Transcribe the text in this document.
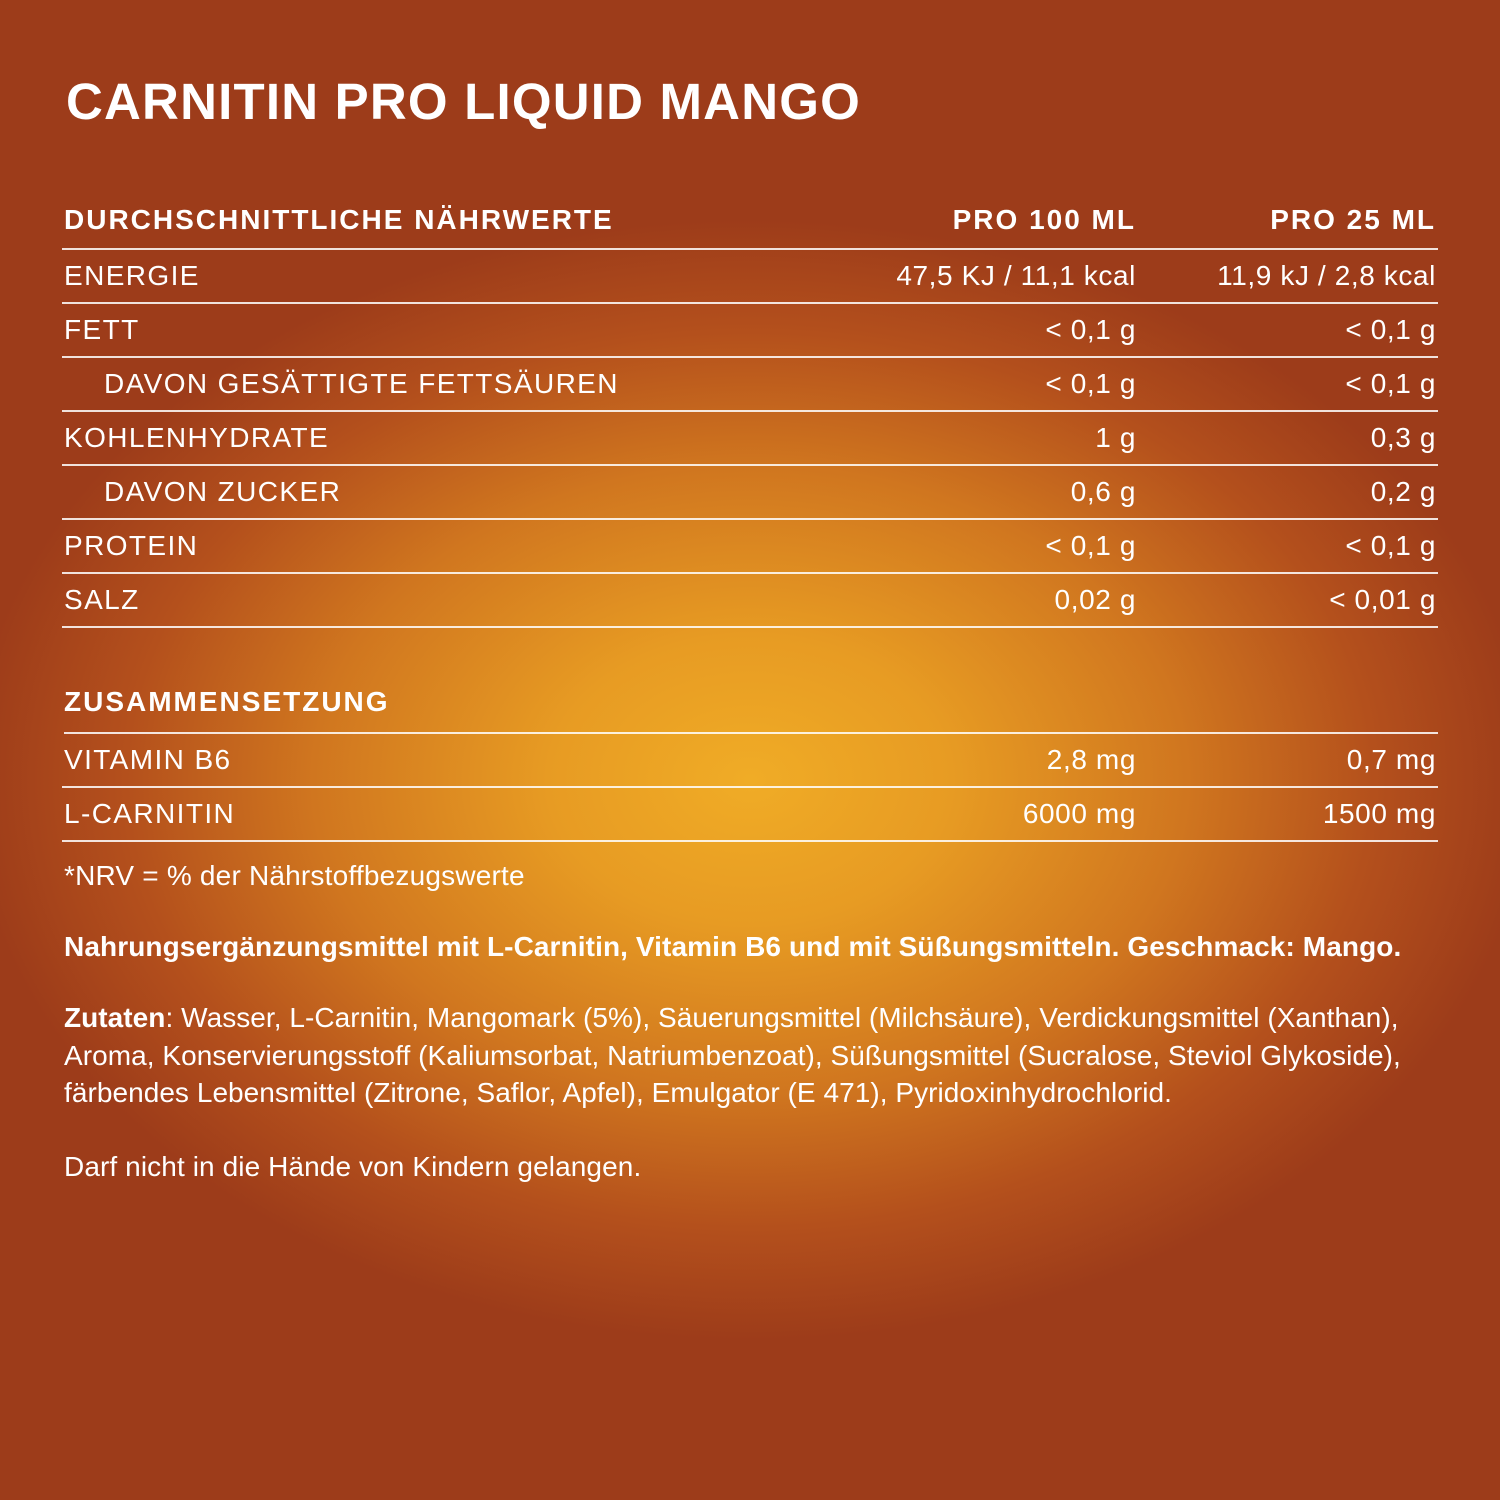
CARNITIN PRO LIQUID MANGO
DURCHSCHNITTLICHE NÄHRWERTE	PRO 100 ML	PRO 25 ML
ENERGIE	47,5 KJ / 11,1 kcal	11,9 kJ / 2,8 kcal
FETT	< 0,1 g	< 0,1 g
DAVON GESÄTTIGTE FETTSÄUREN	< 0,1 g	< 0,1 g
KOHLENHYDRATE	1 g	0,3 g
DAVON ZUCKER	0,6 g	0,2 g
PROTEIN	< 0,1 g	< 0,1 g
SALZ	0,02 g	< 0,01 g
ZUSAMMENSETZUNG
VITAMIN B6	2,8 mg	0,7 mg
L-CARNITIN	6000 mg	1500 mg
*NRV = % der Nährstoffbezugswerte
Nahrungsergänzungsmittel mit L-Carnitin, Vitamin B6 und mit Süßungsmitteln. Geschmack: Mango.
Zutaten: Wasser, L-Carnitin, Mangomark (5%), Säuerungsmittel (Milchsäure), Verdickungsmittel (Xanthan), Aroma, Konservierungsstoff (Kaliumsorbat, Natriumbenzoat), Süßungsmittel (Sucralose, Steviol Glykoside), färbendes Lebensmittel (Zitrone, Saflor, Apfel), Emulgator (E 471), Pyridoxinhydrochlorid.
Darf nicht in die Hände von Kindern gelangen.
